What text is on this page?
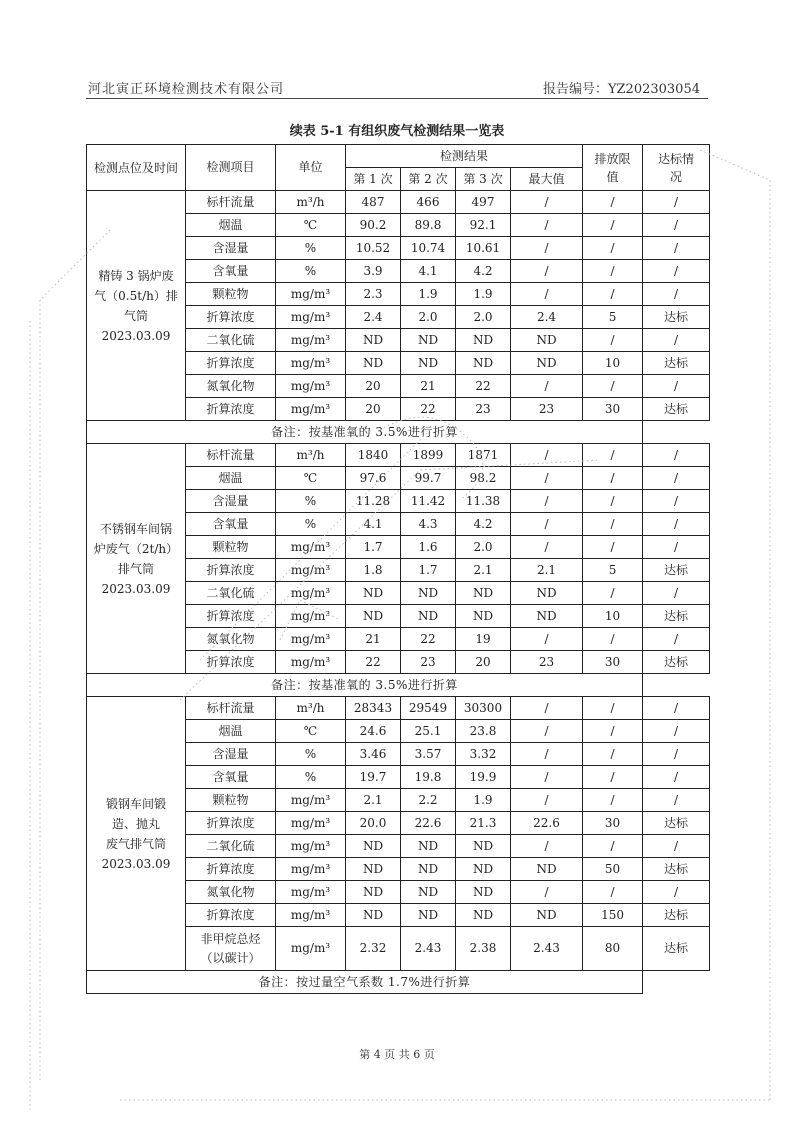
河北寅正环境检测技术有限公司	报告编号：YZ202303054
续表 5-1 有组织废气检测结果一览表
检测点位及时间	检测项目	单位	检测结果				排放限值	达标情况
			第 1 次	第 2 次	第 3 次	最大值		

精铸 3 锅炉废
气（0.5t/h）排
气筒
2023.03.09	标杆流量	m³/h	487	466	497	/	/	/
	烟温	℃	90.2	89.8	92.1	/	/	/
	含湿量	%	10.52	10.74	10.61	/	/	/
	含氧量	%	3.9	4.1	4.2	/	/	/
	颗粒物	mg/m³	2.3	1.9	1.9	/	/	/
	折算浓度	mg/m³	2.4	2.0	2.0	2.4	5	达标
	二氧化硫	mg/m³	ND	ND	ND	ND	/	/
	折算浓度	mg/m³	ND	ND	ND	ND	10	达标
	氮氧化物	mg/m³	20	21	22	/	/	/
	折算浓度	mg/m³	20	22	23	23	30	达标
备注：按基准氧的 3.5%进行折算								

不锈钢车间锅
炉废气（2t/h）
排气筒
2023.03.09	标杆流量	m³/h	1840	1899	1871	/	/	/
	烟温	℃	97.6	99.7	98.2	/	/	/
	含湿量	%	11.28	11.42	11.38	/	/	/
	含氧量	%	4.1	4.3	4.2	/	/	/
	颗粒物	mg/m³	1.7	1.6	2.0	/	/	/
	折算浓度	mg/m³	1.8	1.7	2.1	2.1	5	达标
	二氧化硫	mg/m³	ND	ND	ND	ND	/	/
	折算浓度	mg/m³	ND	ND	ND	ND	10	达标
	氮氧化物	mg/m³	21	22	19	/	/	/
	折算浓度	mg/m³	22	23	20	23	30	达标
备注：按基准氧的 3.5%进行折算								

锻钢车间锻
造、抛丸
废气排气筒
2023.03.09	标杆流量	m³/h	28343	29549	30300	/	/	/
	烟温	℃	24.6	25.1	23.8	/	/	/
	含湿量	%	3.46	3.57	3.32	/	/	/
	含氧量	%	19.7	19.8	19.9	/	/	/
	颗粒物	mg/m³	2.1	2.2	1.9	/	/	/
	折算浓度	mg/m³	20.0	22.6	21.3	22.6	30	达标
	二氧化硫	mg/m³	ND	ND	ND	/	/	/
	折算浓度	mg/m³	ND	ND	ND	ND	50	达标
	氮氧化物	mg/m³	ND	ND	ND	/	/	/
	折算浓度	mg/m³	ND	ND	ND	ND	150	达标
	非甲烷总烃（以碳计）	mg/m³	2.32	2.43	2.38	2.43	80	达标
备注：按过量空气系数 1.7%进行折算								
第 4 页 共 6 页
